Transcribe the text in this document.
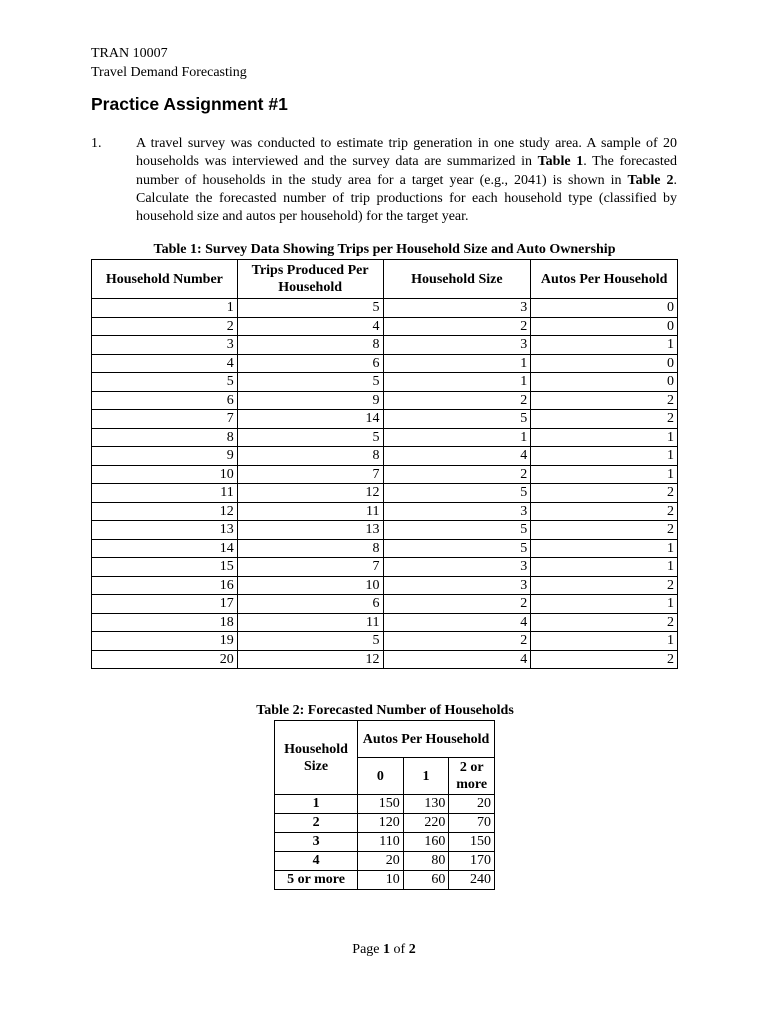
TRAN 10007
Travel Demand Forecasting
Practice Assignment #1
1. A travel survey was conducted to estimate trip generation in one study area. A sample of 20 households was interviewed and the survey data are summarized in Table 1. The forecasted number of households in the study area for a target year (e.g., 2041) is shown in Table 2. Calculate the forecasted number of trip productions for each household type (classified by household size and autos per household) for the target year.
Table 1: Survey Data Showing Trips per Household Size and Auto Ownership
Household Number	Trips Produced Per Household	Household Size	Autos Per Household
1	5	3	0
2	4	2	0
3	8	3	1
4	6	1	0
5	5	1	0
6	9	2	2
7	14	5	2
8	5	1	1
9	8	4	1
10	7	2	1
11	12	5	2
12	11	3	2
13	13	5	2
14	8	5	1
15	7	3	1
16	10	3	2
17	6	2	1
18	11	4	2
19	5	2	1
20	12	4	2
Table 2: Forecasted Number of Households
Household Size	Autos Per Household		
	0	1	2 or more
1	150	130	20
2	120	220	70
3	110	160	150
4	20	80	170
5 or more	10	60	240
Page 1 of 2
